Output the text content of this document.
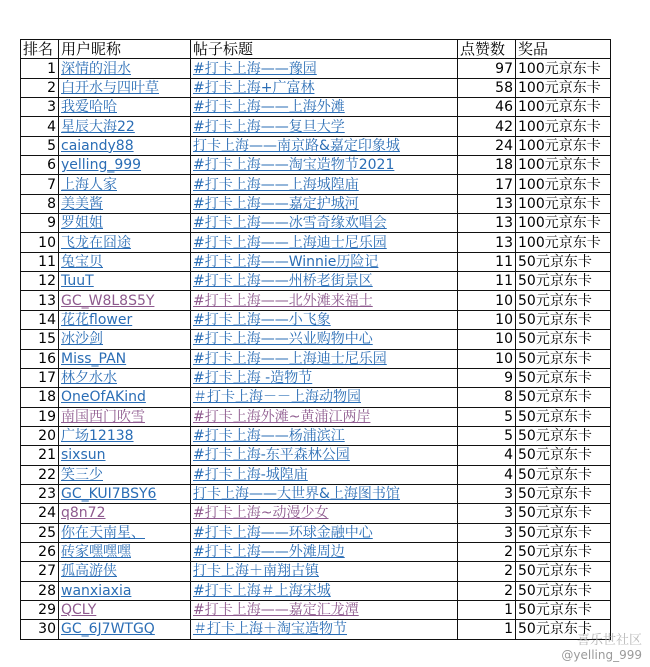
排名	用户昵称	帖子标题	点赞数	奖品
1	深情的泪水	#打卡上海——豫园	97	100元京东卡
2	白开水与四叶草	#打卡上海+广富林	58	100元京东卡
3	我爱哈哈	#打卡上海——上海外滩	46	100元京东卡
4	星辰大海22	#打卡上海——复旦大学	42	100元京东卡
5	caiandy88	打卡上海——南京路&嘉定印象城	24	100元京东卡
6	yelling_999	#打卡上海——淘宝造物节2021	18	100元京东卡
7	上海人家	#打卡上海——上海城隍庙	17	100元京东卡
8	美美酱	#打卡上海——嘉定护城河	13	100元京东卡
9	罗姐姐	#打卡上海——冰雪奇缘欢唱会	13	100元京东卡
10	飞龙在囧途	#打卡上海——上海迪士尼乐园	13	100元京东卡
11	兔宝贝	#打卡上海——Winnie历险记	11	50元京东卡
12	TuuT	#打卡上海——州桥老街景区	11	50元京东卡
13	GC_W8L8S5Y	#打卡上海——北外滩来福士	10	50元京东卡
14	花花flower	#打卡上海——小飞象	10	50元京东卡
15	冰沙剑	#打卡上海——兴业购物中心	10	50元京东卡
16	Miss_PAN	#打卡上海——上海迪士尼乐园	10	50元京东卡
17	林夕水水	#打卡上海 -造物节	9	50元京东卡
18	OneOfAKind	＃打卡上海－－上海动物园	8	50元京东卡
19	南国西门吹雪	#打卡上海外滩~黄浦江两岸	5	50元京东卡
20	广场12138	#打卡上海——杨浦滨江	5	50元京东卡
21	sixsun	#打卡上海-东平森林公园	4	50元京东卡
22	笑三少	#打卡上海-城隍庙	4	50元京东卡
23	GC_KUI7BSY6	打卡上海——大世界&上海图书馆	3	50元京东卡
24	q8n72	#打卡上海~动漫少女	3	50元京东卡
25	你在天南星、	#打卡上海——环球金融中心	3	50元京东卡
26	砖家嘿嘿嘿	#打卡上海——外滩周边	2	50元京东卡
27	孤高游侠	打卡上海＋南翔古镇	2	50元京东卡
28	wanxiaxia	#打卡上海＃上海宋城	2	50元京东卡
29	QCLY	#打卡上海——嘉定汇龙潭	1	50元京东卡
30	GC_6J7WTGQ	＃打卡上海＋淘宝造物节	1	50元京东卡
喜乐世社区
@yelling_999
